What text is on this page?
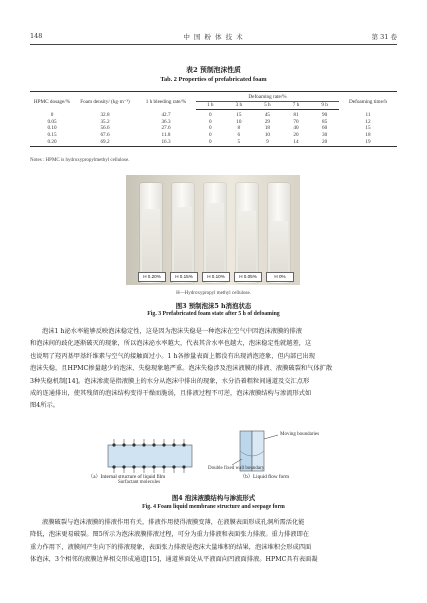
148	中 国 粉 体 技 术	第 31 卷
表2 预制泡沫性质
Tab. 2 Properties of prefabricated foam
HPMC dosage/%	Foam density/ (kg·m⁻³)	1 h bleeding rate/%	Defoaming rate/%					Defoaming time/h
			1 h	3 h	5 h	7 h	9 h	
0	32.8	42.7	0	15	45	81	90	11
0.05	35.2	36.3	0	10	29	70	85	12
0.10	56.6	27.6	0	8	18	40	60	15
0.15	67.6	11.8	0	6	10	20	30	18
0.20	69.2	16.3	0	5	9	14	20	19
Notes : HPMC is hydroxypropylmethyl cellulose.
H 0.20%	H 0.15%	H 0.10%	H 0.05%	H 0%
H—Hydroxypropyl methyl cellulose.
图3 预制泡沫5 h消泡状态
Fig. 3 Prefabricated foam state after 5 h of defoaming
泡沫1 h泌水率能够反映泡沫稳定性，这是因为泡沫失稳是一种泡沫在空气中因泡沫液膜的排液
和泡沫间的歧化逐渐破灭的现象，所以泡沫泌水率越大，代表其含水率也越大，泡沫稳定性就越差，这
也说明了羟丙基甲基纤维素与空气的接触面过小。1 h各掺量表面上都没有出现消泡迹象，但内部已出现
泡沫失稳，且HPMC掺量越少的泡沫，失稳现象越严重。泡沫失稳涉及泡沫液膜的排液、液膜破裂和气体扩散
3种失稳机制[14]。泡沫渗流是指液膜上的水分从泡沫中排出的现象，水分沿着粗粒间通道及交汇点形
成的连通排出，使其残留的泡沫结构变得干燥而脆弱，且排液过程不可逆，泡沫液膜结构与渗流形式如
图4所示。
Surfactant molecules
Moving boundaries
Double fixed wall boundary
（a）Internal structure of liquid film	（b）Liquid flow form
图4 泡沫液膜结构与渗流形式
Fig. 4 Foam liquid membrane structure and seepage form
液膜破裂与泡沫液膜的排液作用有关，排液作用使得液膜变薄，在液膜表面形成孔洞所需活化能
降低，泡沫更易破裂。图5所示为泡沫液膜排液过程，可分为重力排液和表面张力排液。重力排液即在
重力作用下，液膜间产生向下的排液现象，表面张力排液是泡沫大量堆积的结果，泡沫堆积会形成四面
体泡沫，3个相邻的液膜边界相交形成通道[15]，通道界面处从平液面向凹液面排液。HPMC具有表面凝
